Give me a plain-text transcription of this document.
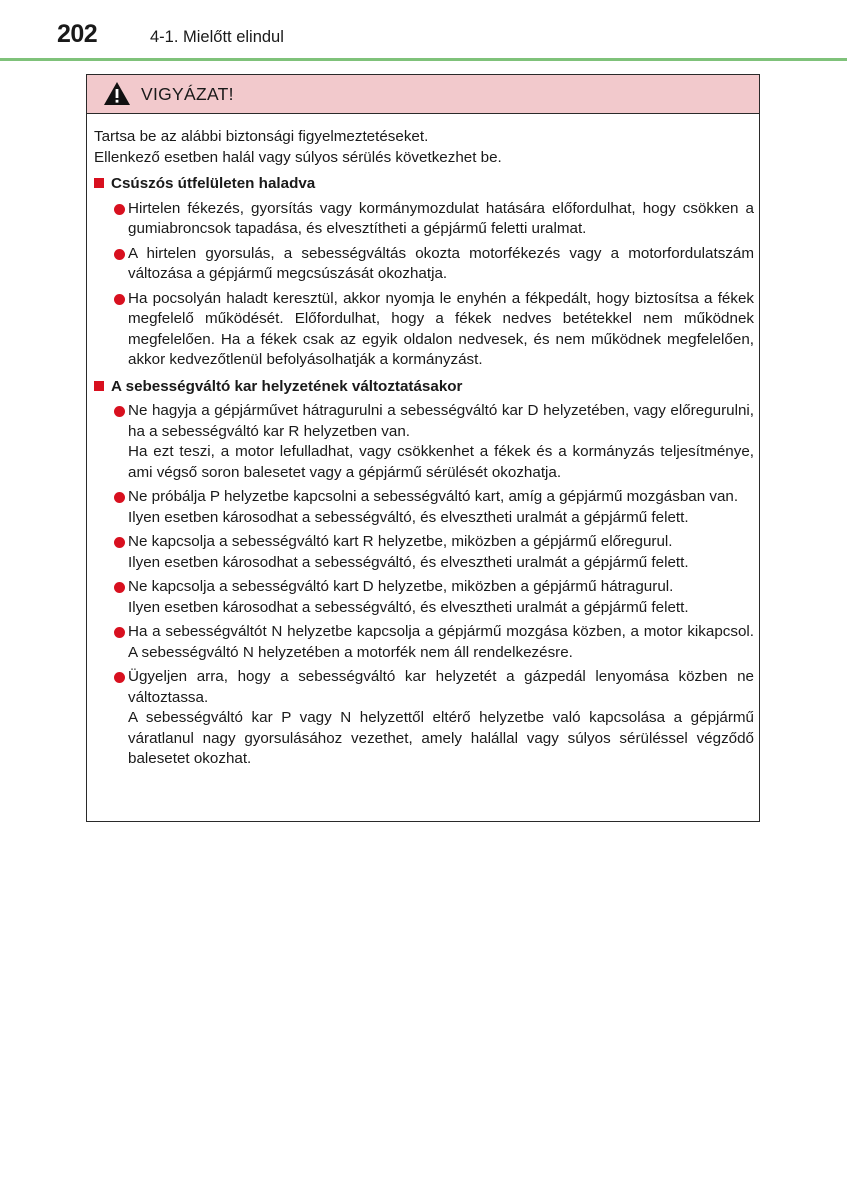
202	4-1. Mielőtt elindul
VIGYÁZAT!

Tartsa be az alábbi biztonsági figyelmeztetéseket.

Ellenkező esetben halál vagy súlyos sérülés következhet be.

Csúszós útfelületen haladva

Hirtelen fékezés, gyorsítás vagy kormánymozdulat hatására előfordulhat, hogy csökken a gumiabroncsok tapadása, és elvesztítheti a gépjármű feletti uralmat.

A hirtelen gyorsulás, a sebességváltás okozta motorfékezés vagy a motorfordulatszám változása a gépjármű megcsúszását okozhatja.

Ha pocsolyán haladt keresztül, akkor nyomja le enyhén a fékpedált, hogy biztosítsa a fékek megfelelő működését. Előfordulhat, hogy a fékek nedves betétekkel nem működnek megfelelően. Ha a fékek csak az egyik oldalon nedvesek, és nem működnek megfelelően, akkor kedvezőtlenül befolyásolhatják a kormányzást.

A sebességváltó kar helyzetének változtatásakor

Ne hagyja a gépjárművet hátragurulni a sebességváltó kar D helyzetében, vagy előregurulni, ha a sebességváltó kar R helyzetben van.

Ha ezt teszi, a motor lefulladhat, vagy csökkenhet a fékek és a kormányzás teljesítménye, ami végső soron balesetet vagy a gépjármű sérülését okozhatja.

Ne próbálja P helyzetbe kapcsolni a sebességváltó kart, amíg a gépjármű mozgásban van.

Ilyen esetben károsodhat a sebességváltó, és elvesztheti uralmát a gépjármű felett.

Ne kapcsolja a sebességváltó kart R helyzetbe, miközben a gépjármű előregurul.

Ilyen esetben károsodhat a sebességváltó, és elvesztheti uralmát a gépjármű felett.

Ne kapcsolja a sebességváltó kart D helyzetbe, miközben a gépjármű hátragurul.

Ilyen esetben károsodhat a sebességváltó, és elvesztheti uralmát a gépjármű felett.

Ha a sebességváltót N helyzetbe kapcsolja a gépjármű mozgása közben, a motor kikapcsol. A sebességváltó N helyzetében a motorfék nem áll rendelkezésre.

Ügyeljen arra, hogy a sebességváltó kar helyzetét a gázpedál lenyomása közben ne változtassa.

A sebességváltó kar P vagy N helyzettől eltérő helyzetbe való kapcsolása a gépjármű váratlanul nagy gyorsulásához vezethet, amely halállal vagy súlyos sérüléssel végződő balesetet okozhat.
